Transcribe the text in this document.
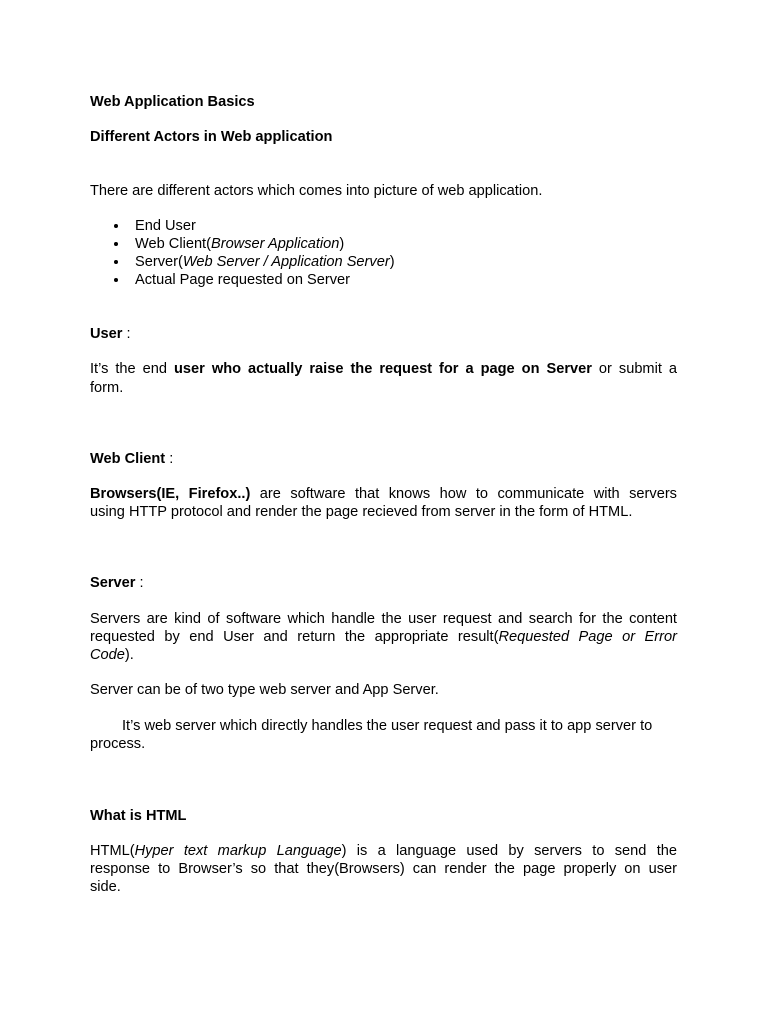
Web Application Basics
Different Actors in Web application
There are different actors which comes into picture of web application.
End User
Web Client(Browser Application)
Server(Web Server / Application Server)
Actual Page requested on Server
User :
It’s the end user who actually raise the request for a page on Server or submit a
form.
Web Client :
Browsers(IE, Firefox..) are software that knows how to communicate with servers
using HTTP protocol and render the page recieved from server in the form of HTML.
Server :
Servers are kind of software which handle the user request and search for the content
requested by end User and return the appropriate result(Requested Page or Error
Code).
Server can be of two type web server and App Server.
It’s web server which directly handles the user request and pass it to app server to
process.
What is HTML
HTML(Hyper text markup Language) is a language used by servers to send the
response to Browser’s so that they(Browsers) can render the page properly on user
side.
